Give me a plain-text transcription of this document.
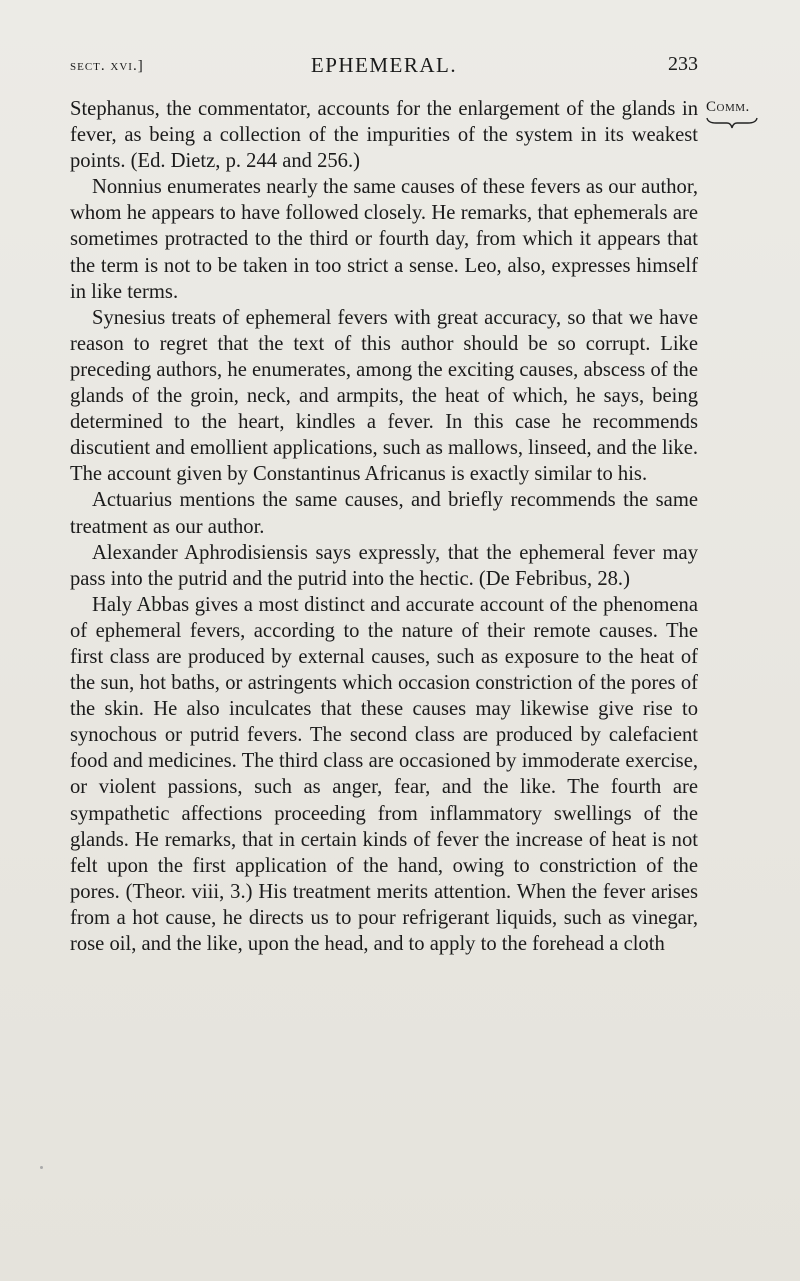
sect. xvi.]	EPHEMERAL.	233
Comm.

Stephanus, the commentator, accounts for the enlargement of the glands in fever, as being a collection of the impurities of the system in its weakest points. (Ed. Dietz, p. 244 and 256.)

Nonnius enumerates nearly the same causes of these fevers as our author, whom he appears to have followed closely. He remarks, that ephemerals are sometimes protracted to the third or fourth day, from which it appears that the term is not to be taken in too strict a sense. Leo, also, expresses himself in like terms.

Synesius treats of ephemeral fevers with great accuracy, so that we have reason to regret that the text of this author should be so corrupt. Like preceding authors, he enumerates, among the exciting causes, abscess of the glands of the groin, neck, and armpits, the heat of which, he says, being determined to the heart, kindles a fever. In this case he recommends discutient and emollient applications, such as mallows, linseed, and the like. The account given by Constantinus Africanus is exactly similar to his.

Actuarius mentions the same causes, and briefly recommends the same treatment as our author.

Alexander Aphrodisiensis says expressly, that the ephemeral fever may pass into the putrid and the putrid into the hectic. (De Febribus, 28.)

Haly Abbas gives a most distinct and accurate account of the phenomena of ephemeral fevers, according to the nature of their remote causes. The first class are produced by external causes, such as exposure to the heat of the sun, hot baths, or astringents which occasion constriction of the pores of the skin. He also inculcates that these causes may likewise give rise to synochous or putrid fevers. The second class are produced by calefacient food and medicines. The third class are occasioned by immoderate exercise, or violent passions, such as anger, fear, and the like. The fourth are sympathetic affections proceeding from inflammatory swellings of the glands. He remarks, that in certain kinds of fever the increase of heat is not felt upon the first application of the hand, owing to constriction of the pores. (Theor. viii, 3.) His treatment merits attention. When the fever arises from a hot cause, he directs us to pour refrigerant liquids, such as vinegar, rose oil, and the like, upon the head, and to apply to the forehead a cloth
